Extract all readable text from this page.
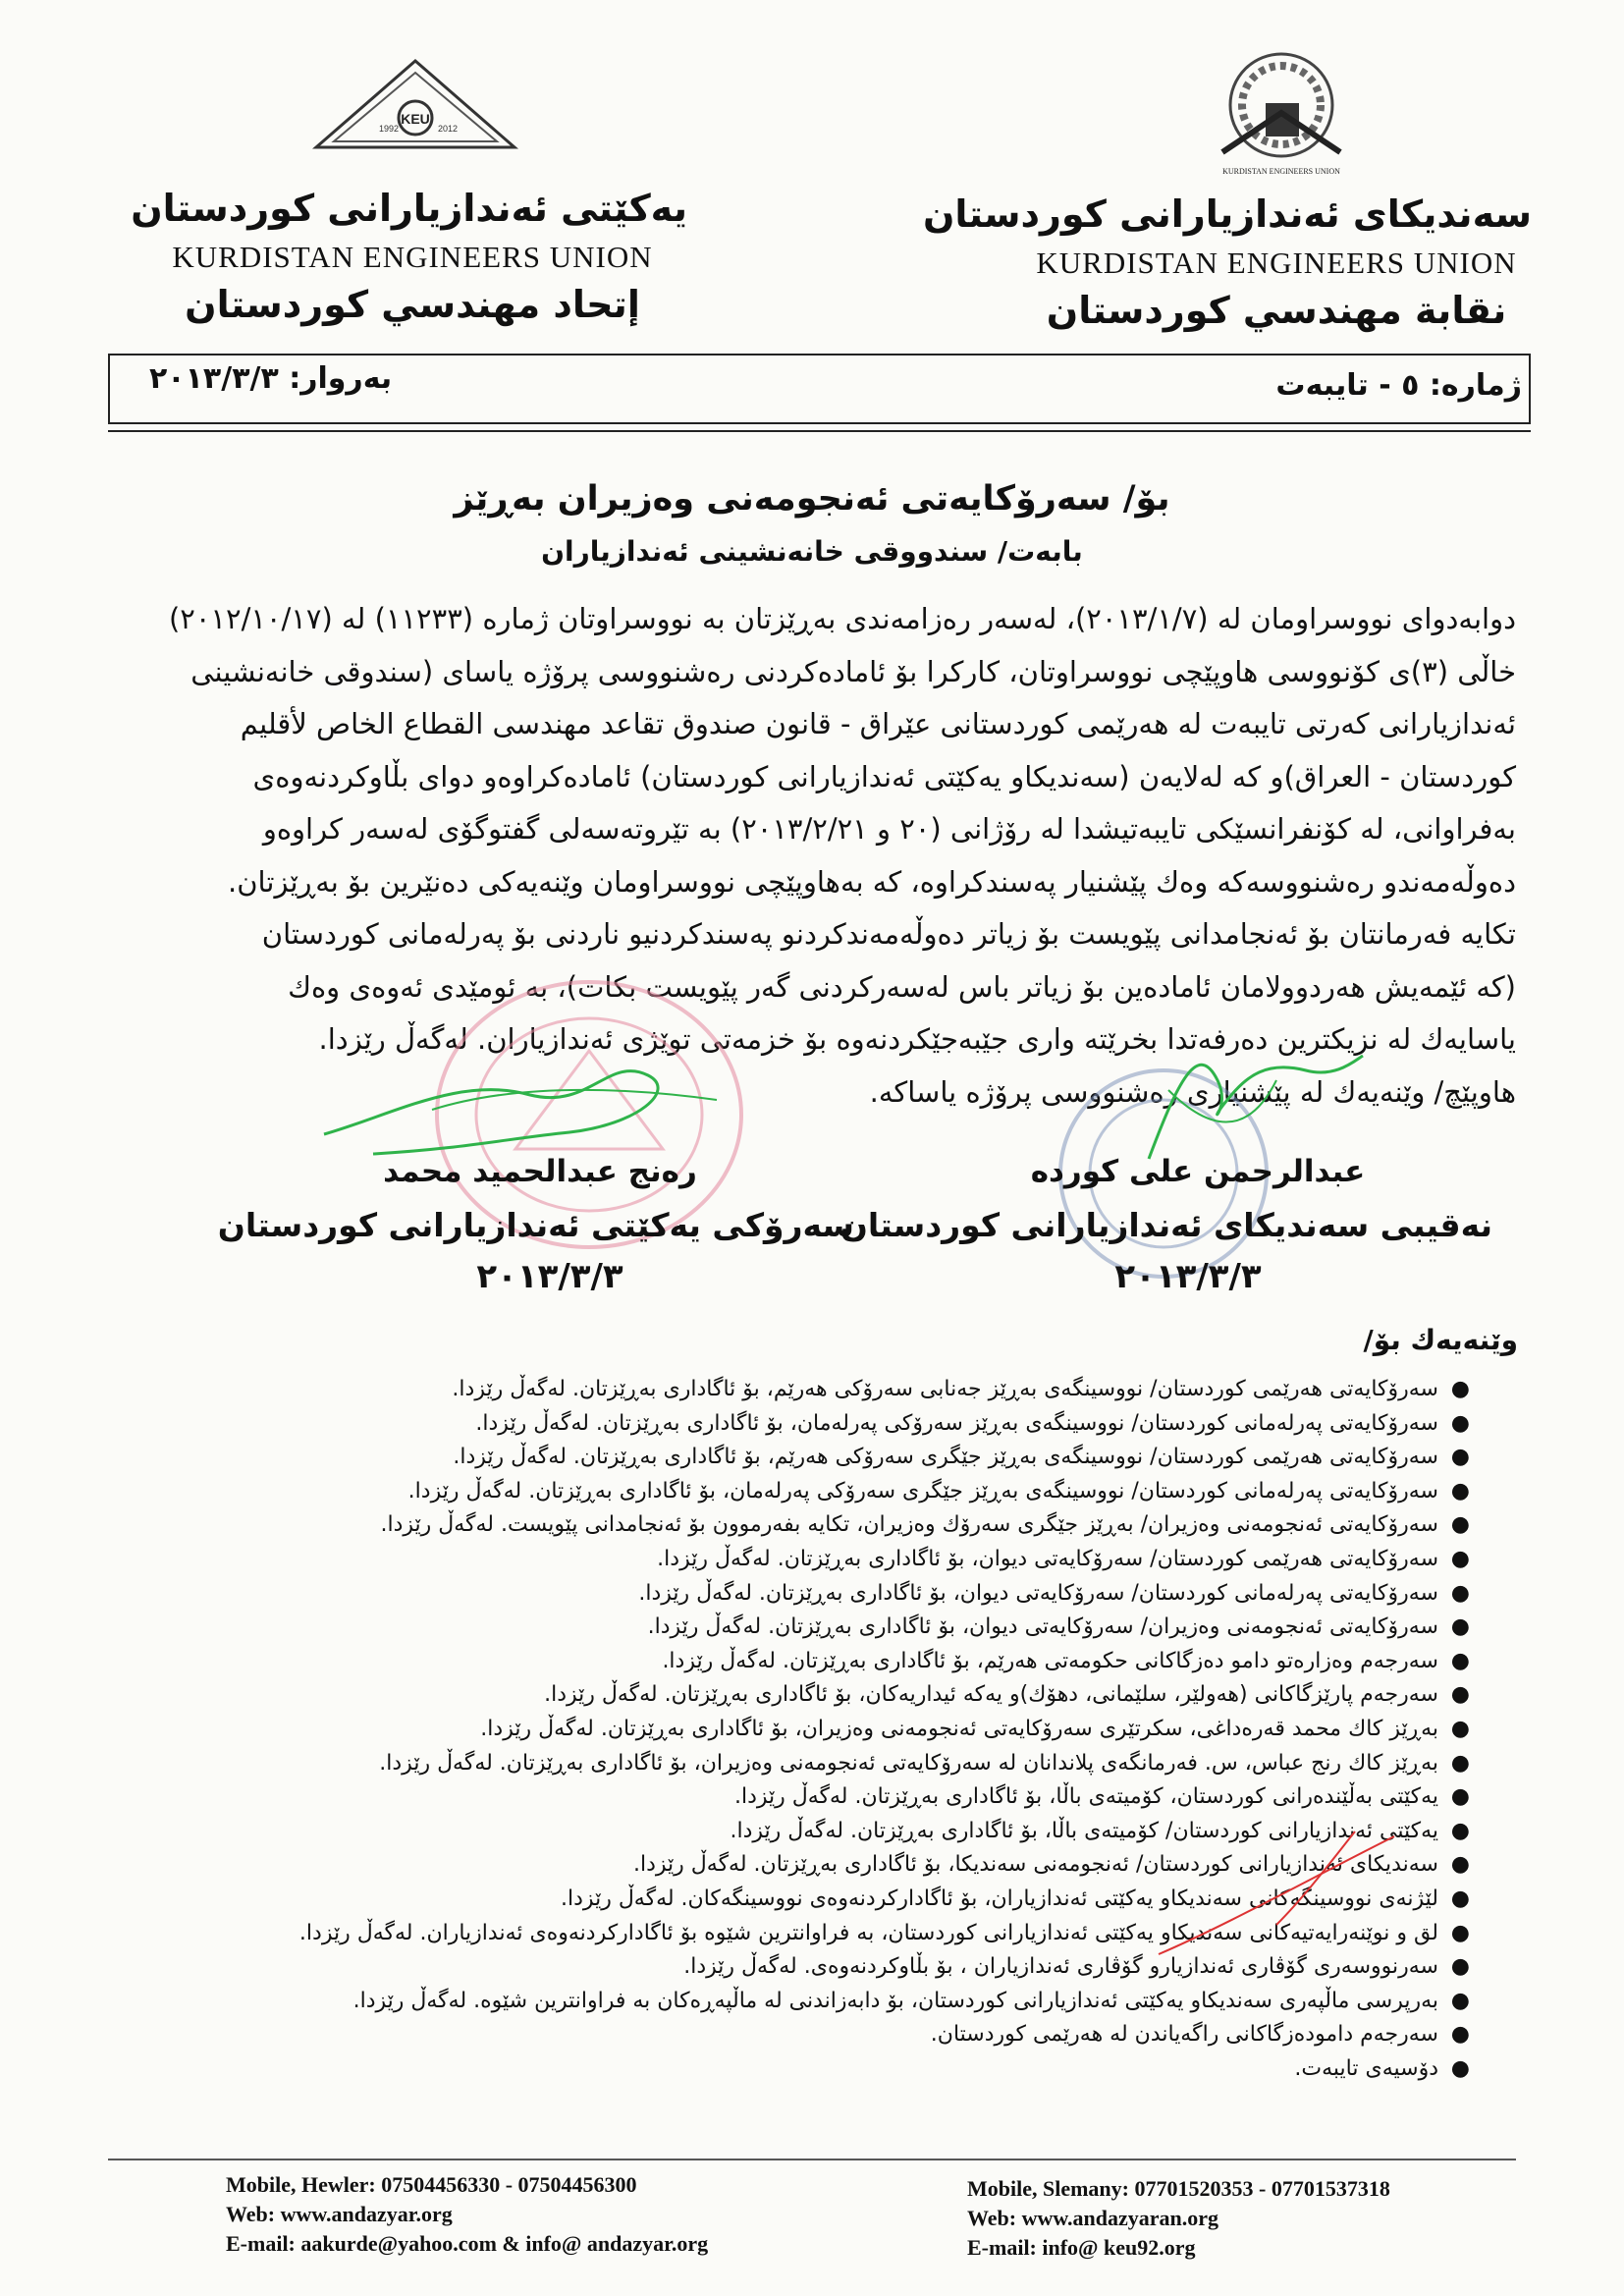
KEU
1992	2012
یەکێتی ئەندازیارانی کوردستان
KURDISTAN ENGINEERS UNION
إتحاد مهندسي كوردستان
KURDISTAN ENGINEERS UNION
سەندیکای ئەندازیارانی کوردستان
KURDISTAN ENGINEERS UNION
نقابة مهندسي كوردستان
ژمارە: ٥ - تایبەت
بەروار: ٢٠١٣/٣/٣
بۆ/ سەرۆکایەتی ئەنجومەنی وەزیران بەڕێز
بابەت/ سندووقی خانەنشینی ئەندازیاران
دوابەدوای نووسراومان لە (٢٠١٣/١/٧)، لەسەر رەزامەندی بەڕێزتان بە نووسراوتان ژمارە (١١٢٣٣) لە (٢٠١٢/١٠/١٧)
خاڵی (٣)ی کۆنووسی هاوپێچی نووسراوتان، کارکرا بۆ ئامادەکردنی رەشنووسی پرۆژە یاسای (سندوقی خانەنشینی
ئەندازیارانی کەرتی تایبەت لە هەرێمی کوردستانی عێراق - قانون صندوق تقاعد مهندسی القطاع الخاص لأقليم
كوردستان - العراق)و کە لەلایەن (سەندیکاو یەکێتی ئەندازیارانی کوردستان) ئامادەکراوەو دوای بڵاوکردنەوەی
بەفراوانی، لە کۆنفرانسێکی تایبەتیشدا لە رۆژانی (٢٠ و ٢٠١٣/٢/٢١) بە تێروتەسەلی گفتوگۆی لەسەر کراوەو
دەوڵەمەندو رەشنووسەکە وەك پێشنیار پەسندکراوە، کە بەهاوپێچی نووسراومان وێنەیەکی دەنێرین بۆ بەڕێزتان.
تکایە فەرمانتان بۆ ئەنجامدانی پێویست بۆ زیاتر دەوڵەمەندکردنو پەسندکردنیو ناردنی بۆ پەرلەمانی کوردستان
(کە ئێمەیش هەردوولامان ئامادەین بۆ زیاتر باس لەسەرکردنی گەر پێویست بکات)، بە ئومێدی ئەوەی وەك
یاسایەك لە نزیکترین دەرفەتدا بخرێتە واری جێبەجێکردنەوە بۆ خزمەتی توێژی ئەندازیاران. لەگەڵ رێزدا.
هاوپێچ/ وێنەیەك لە پێشنیاری رەشنووسی پرۆژە یاساکە.
عبدالرحمن علی کوردە
نەقیبی سەندیکای ئەندازیارانی کوردستان
٢٠١٣/٣/٣
رەنج عبدالحمید محمد
سەرۆکی یەکێتی ئەندازیارانی کوردستان
٢٠١٣/٣/٣
وێنەیەك بۆ/
●
سەرۆکایەتی هەرێمی کوردستان/ نووسینگەی بەڕێز جەنابی سەرۆکی هەرێم، بۆ ئاگاداری بەڕێزتان. لەگەڵ رێزدا.
●
سەرۆکایەتی پەرلەمانی کوردستان/ نووسینگەی بەڕێز سەرۆکی پەرلەمان، بۆ ئاگاداری بەڕێزتان. لەگەڵ رێزدا.
●
سەرۆکایەتی هەرێمی کوردستان/ نووسینگەی بەڕێز جێگری سەرۆکی هەرێم، بۆ ئاگاداری بەڕێزتان. لەگەڵ رێزدا.
●
سەرۆکایەتی پەرلەمانی کوردستان/ نووسینگەی بەڕێز جێگری سەرۆکی پەرلەمان، بۆ ئاگاداری بەڕێزتان. لەگەڵ رێزدا.
●
سەرۆکایەتی ئەنجومەنی وەزیران/ بەڕێز جێگری سەرۆك وەزیران، تکایە بفەرموون بۆ ئەنجامدانی پێویست. لەگەڵ رێزدا.
●
سەرۆکایەتی هەرێمی کوردستان/ سەرۆکایەتی دیوان، بۆ ئاگاداری بەڕێزتان. لەگەڵ رێزدا.
●
سەرۆکایەتی پەرلەمانی کوردستان/ سەرۆکایەتی دیوان، بۆ ئاگاداری بەڕێزتان. لەگەڵ رێزدا.
●
سەرۆکایەتی ئەنجومەنی وەزیران/ سەرۆکایەتی دیوان، بۆ ئاگاداری بەڕێزتان. لەگەڵ رێزدا.
●
سەرجەم وەزارەتو دامو دەزگاکانی حکومەتی هەرێم، بۆ ئاگاداری بەڕێزتان. لەگەڵ رێزدا.
●
سەرجەم پارێزگاکانی (هەولێر، سلێمانی، دهۆك)و یەکە ئیداریەکان، بۆ ئاگاداری بەڕێزتان. لەگەڵ رێزدا.
●
بەڕێز کاك محمد قەرەداغی، سکرتێری سەرۆکایەتی ئەنجومەنی وەزیران، بۆ ئاگاداری بەڕێزتان. لەگەڵ رێزدا.
●
بەڕێز کاك رنج عباس، س. فەرمانگەی پلاندانان لە سەرۆکایەتی ئەنجومەنی وەزیران، بۆ ئاگاداری بەڕێزتان. لەگەڵ رێزدا.
●
یەکێتی بەڵێندەرانی کوردستان، کۆمیتەی باڵا، بۆ ئاگاداری بەڕێزتان. لەگەڵ رێزدا.
●
یەکێتی ئەندازیارانی کوردستان/ کۆمیتەی باڵا، بۆ ئاگاداری بەڕێزتان. لەگەڵ رێزدا.
●
سەندیکای ئەندازیارانی کوردستان/ ئەنجومەنی سەندیکا، بۆ ئاگاداری بەڕێزتان. لەگەڵ رێزدا.
●
لێژنەی نووسینگەکانی سەندیکاو یەکێتی ئەندازیاران، بۆ ئاگادارکردنەوەی نووسینگەکان. لەگەڵ رێزدا.
●
لق و نوێنەرایەتیەکانی سەندیکاو یەکێتی ئەندازیارانی کوردستان، بە فراوانترین شێوە بۆ ئاگادارکردنەوەی ئەندازیاران. لەگەڵ رێزدا.
●
سەرنووسەری گۆڤاری ئەندازیارو گۆڤاری ئەندازیاران ، بۆ بڵاوکردنەوەی. لەگەڵ رێزدا.
●
بەرپرسی ماڵپەری سەندیکاو یەکێتی ئەندازیارانی کوردستان، بۆ دابەزاندنی لە ماڵپەڕەکان بە فراوانترین شێوە. لەگەڵ رێزدا.
●
سەرجەم دامودەزگاکانی راگەیاندن لە هەرێمی کوردستان.
●
دۆسیەی تایبەت.
Mobile, Hewler: 07504456330 - 07504456300
Web: www.andazyar.org
E-mail: aakurde@yahoo.com & info@ andazyar.org
Mobile, Slemany: 07701520353 - 07701537318
Web: www.andazyaran.org
E-mail: info@ keu92.org
